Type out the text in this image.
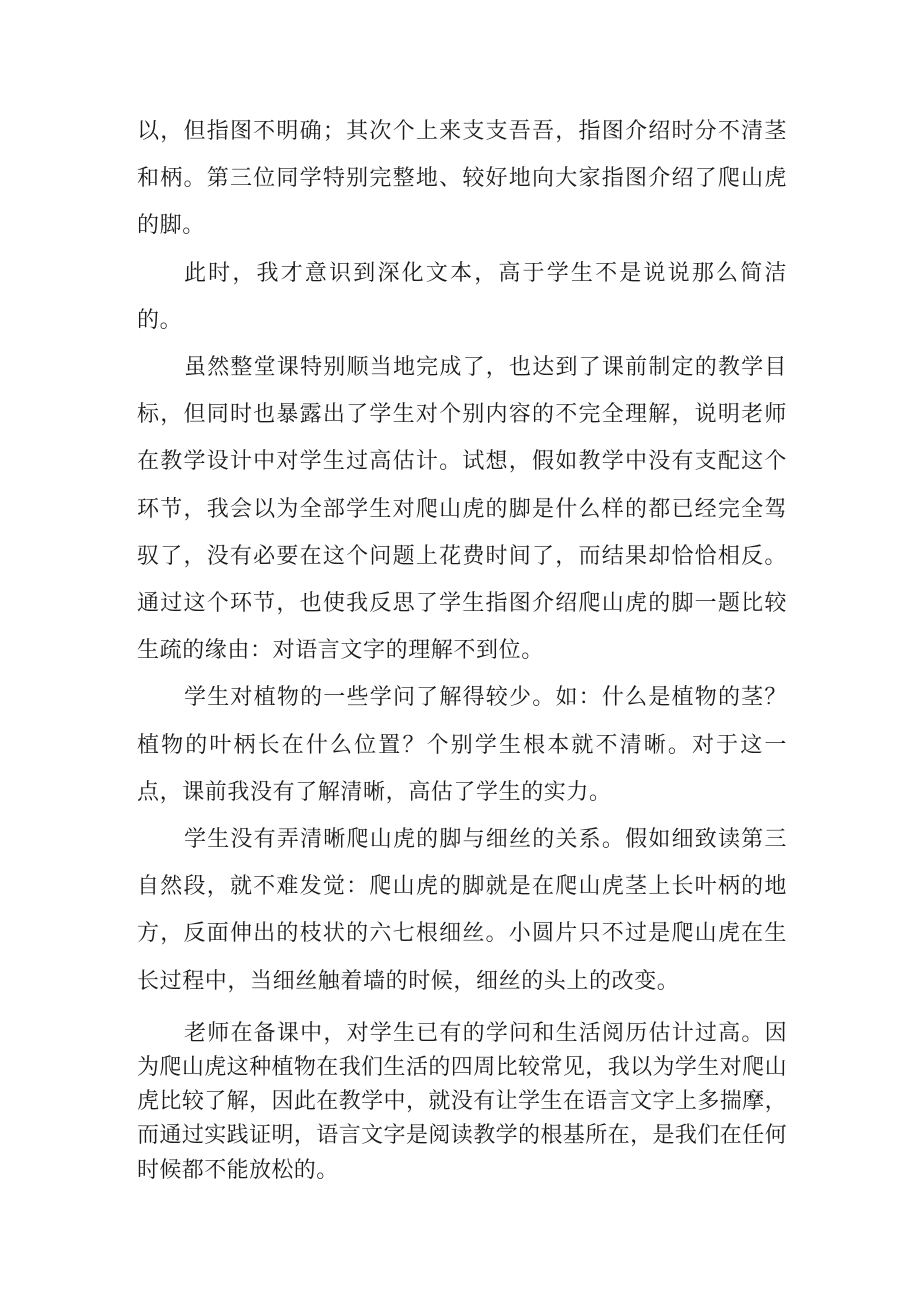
以，但指图不明确；其次个上来支支吾吾，指图介绍时分不清茎和柄。第三位同学特别完整地、较好地向大家指图介绍了爬山虎的脚。

此时，我才意识到深化文本，高于学生不是说说那么简洁的。

虽然整堂课特别顺当地完成了，也达到了课前制定的教学目标，但同时也暴露出了学生对个别内容的不完全理解，说明老师在教学设计中对学生过高估计。试想，假如教学中没有支配这个环节，我会以为全部学生对爬山虎的脚是什么样的都已经完全驾驭了，没有必要在这个问题上花费时间了，而结果却恰恰相反。通过这个环节，也使我反思了学生指图介绍爬山虎的脚一题比较生疏的缘由：对语言文字的理解不到位。

学生对植物的一些学问了解得较少。如：什么是植物的茎？植物的叶柄长在什么位置？个别学生根本就不清晰。对于这一点，课前我没有了解清晰，高估了学生的实力。

学生没有弄清晰爬山虎的脚与细丝的关系。假如细致读第三自然段，就不难发觉：爬山虎的脚就是在爬山虎茎上长叶柄的地方，反面伸出的枝状的六七根细丝。小圆片只不过是爬山虎在生长过程中，当细丝触着墙的时候，细丝的头上的改变。

老师在备课中，对学生已有的学问和生活阅历估计过高。因为爬山虎这种植物在我们生活的四周比较常见，我以为学生对爬山虎比较了解，因此在教学中，就没有让学生在语言文字上多揣摩，而通过实践证明，语言文字是阅读教学的根基所在，是我们在任何时候都不能放松的。
